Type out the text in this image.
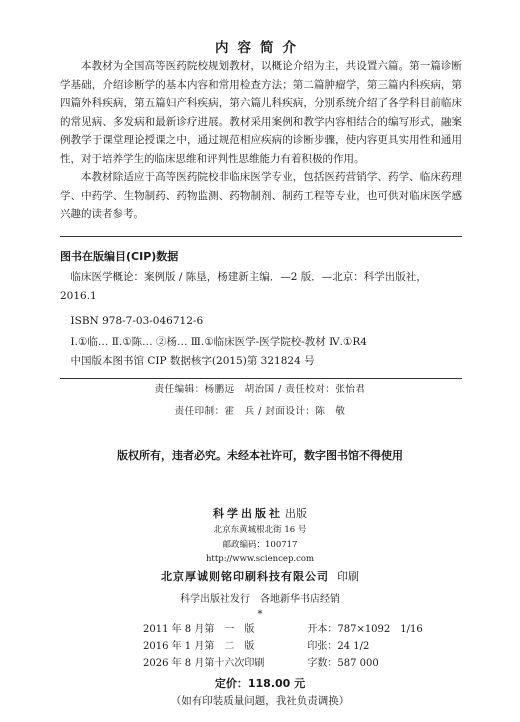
内容简介

本教材为全国高等医药院校规划教材，以概论介绍为主，共设置六篇。第一篇诊断学基础，介绍诊断学的基本内容和常用检查方法；第二篇肿瘤学，第三篇内科疾病，第四篇外科疾病，第五篇妇产科疾病，第六篇儿科疾病，分别系统介绍了各学科目前临床的常见病、多发病和最新诊疗进展。教材采用案例和教学内容相结合的编写形式，融案例教学于课堂理论授课之中，通过规范相应疾病的诊断步骤，使内容更具实用性和通用性，对于培养学生的临床思维和评判性思维能力有着积极的作用。

本教材除适应于高等医药院校非临床医学专业，包括医药营销学、药学、临床药理学、中药学、生物制药、药物监测、药物制剂、制药工程等专业，也可供对临床医学感兴趣的读者参考。

图书在版编目(CIP)数据
临床医学概论：案例版 / 陈垦，杨建新主编．—2 版．—北京：科学出版社，2016.1
ISBN 978-7-03-046712-6
Ⅰ.①临… Ⅱ.①陈… ②杨… Ⅲ.①临床医学-医学院校-教材 Ⅳ.①R4
中国版本图书馆 CIP 数据核字(2015)第 321824 号
责任编辑：杨鹏远　胡治国 / 责任校对：张怡君
责任印制：霍　兵 / 封面设计：陈　敬
版权所有，违者必究。未经本社许可，数字图书馆不得使用
科学出版社 出版
北京东黄城根北街 16 号
邮政编码：100717
http://www.sciencep.com
北京厚诚则铭印刷科技有限公司 印刷
科学出版社发行　各地新华书店经销
*
2011 年 8 月第　一　版		开本：787×1092　1/16
2016 年 1 月第　二　版		印张：24 1/2
2026 年 8 月第十六次印刷		字数：587 000
定价：118.00 元
（如有印装质量问题，我社负责调换）
